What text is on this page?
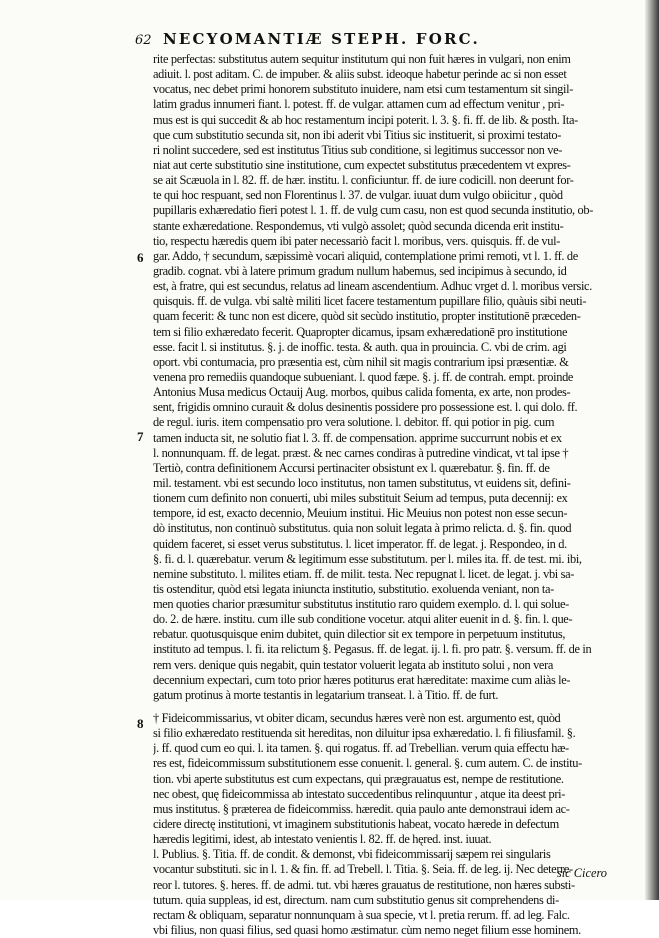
62 NECYOMANTIÆ STEPH. FORC.
6
7
8
rite perfectas: substitutus autem sequitur institutum qui non fuit hæres in vulgari, non enim
adiuit. l. post aditam. C. de impuber. & aliis subst. ideoque habetur perinde ac si non esset
vocatus, nec debet primi honorem substituto inuidere, nam etsi cum testamentum sit singil-
latim gradus innumeri fiant. l. potest. ff. de vulgar. attamen cum ad effectum venitur , pri-
mus est is qui succedit & ab hoc restamentum incipi poterit. l. 3. §. fi. ff. de lib. & posth. Ita-
que cum substitutio secunda sit, non ibi aderit vbi Titius sic instituerit, si proximi testato-
ri nolint succedere, sed est institutus Titius sub conditione, si legitimus successor non ve-
niat aut certe substitutio sine institutione, cum expectet substitutus præcedentem vt expres-
se ait Scæuola in l. 82. ff. de hær. institu. l. conficiuntur. ff. de iure codicill. non deerunt for-
te qui hoc respuant, sed non Florentinus l. 37. de vulgar. iuuat dum vulgo obiicitur , quòd
pupillaris exhæredatio fieri potest l. 1. ff. de vulg cum casu, non est quod secunda institutio, ob-
stante exhæredatione. Respondemus, vti vulgò assolet; quòd secunda dicenda erit institu-
tio, respectu hæredis quem ibi pater necessariò facit l. moribus, vers. quisquis. ff. de vul-
gar. Addo, † secundum, sæpissimè vocari aliquid, contemplatione primi remoti, vt l. 1. ff. de
gradib. cognat. vbi à latere primum gradum nullum habemus, sed incipimus à secundo, id
est, à fratre, qui est secundus, relatus ad lineam ascendentium. Adhuc vrget d. l. moribus versic.
quisquis. ff. de vulga. vbi saltè militi licet facere testamentum pupillare filio, quàuis sibi neuti-
quam fecerit: & tunc non est dicere, quòd sit secùdo institutio, propter institutionē præceden-
tem si filio exhæredato fecerit. Quapropter dicamus, ipsam exhæredationē pro institutione
esse. facit l. si institutus. §. j. de inoffic. testa. & auth. qua in prouincia. C. vbi de crim. agi
oport. vbi contumacia, pro præsentia est, cùm nihil sit magis contrarium ipsi præsentiæ. &
venena pro remediis quandoque subueniant. l. quod fæpe. §. j. ff. de contrah. empt. proinde
Antonius Musa medicus Octauij Aug. morbos, quibus calida fomenta, ex arte, non prodes-
sent, frigidis omnino curauit & dolus desinentis possidere pro possessione est. l. qui dolo. ff.
de regul. iuris. item compensatio pro vera solutione. l. debitor. ff. qui potior in pig. cum
tamen inducta sit, ne solutio fiat l. 3. ff. de compensation. apprime succurrunt nobis et ex
l. nonnunquam. ff. de legat. præst. & nec carnes condiras à putredine vindicat, vt tal ipse †
Tertiò, contra definitionem Accursi pertinaciter obsistunt ex l. quærebatur. §. fin. ff. de
mil. testament. vbi est secundo loco institutus, non tamen substitutus, vt euidens sit, defini-
tionem cum definito non conuerti, ubi miles substituit Seium ad tempus, puta decennij: ex
tempore, id est, exacto decennio, Meuium institui. Hic Meuius non potest non esse secun-
dò institutus, non continuò substitutus. quia non soluit legata à primo relicta. d. §. fin. quod
quidem faceret, si esset verus substitutus. l. licet imperator. ff. de legat. j. Respondeo, in d.
§. fi. d. l. quærebatur. verum & legitimum esse substitutum. per l. miles ita. ff. de test. mi. ibi,
nemine substituto. l. milites etiam. ff. de milit. testa. Nec repugnat l. licet. de legat. j. vbi sa-
tis ostenditur, quòd etsi legata iniuncta institutio, substitutio. exoluenda veniant, non ta-
men quoties charior præsumitur substitutus institutio raro quidem exemplo. d. l. qui solue-
do. 2. de hære. institu. cum ille sub conditione vocetur. atqui aliter euenit in d. §. fin. l. que-
rebatur. quotusquisque enim dubitet, quin dilectior sit ex tempore in perpetuum institutus,
instituto ad tempus. l. fi. ita relictum §. Pegasus. ff. de legat. ij. l. fi. pro patr. §. versum. ff. de in
rem vers. denique quis negabit, quin testator voluerit legata ab instituto solui , non vera
decennium expectari, cum toto prior hæres potiturus erat hæreditate: maxime cum aliàs le-
gatum protinus à morte testantis in legatarium transeat. l. à Titio. ff. de furt.
† Fideicommissarius, vt obiter dicam, secundus hæres verè non est. argumento est, quòd
si filio exhæredato restituenda sit hereditas, non diluitur ipsa exhæredatio. l. fi filiusfamil. §.
j. ff. quod cum eo qui. l. ita tamen. §. qui rogatus. ff. ad Trebellian. verum quia effectu hæ-
res est, fideicommissum substitutionem esse conuenit. l. general. §. cum autem. C. de institu-
tion. vbi aperte substitutus est cum expectans, qui prægrauatus est, nempe de restitutione.
nec obest, quę fideicommissa ab intestato succedentibus relinquuntur , atque ita deest pri-
mus institutus. § præterea de fideicommiss. hæredit. quia paulo ante demonstraui idem ac-
cidere directę institutioni, vt imaginem substitutionis habeat, vocato hærede in defectum
hæredis legitimi, idest, ab intestato venientis l. 82. ff. de hęred. inst. iuuat.
l. Publius. §. Titia. ff. de condit. & demonst, vbi fideicommissarij sæpem rei singularis
vocantur substituti. sic in l. 1. & fin. ff. ad Trebell. l. Titia. §. Seia. ff. de leg. ij. Nec deterre-
reor l. tutores. §. heres. ff. de admi. tut. vbi hæres grauatus de restitutione, non hæres substi-
tutum. quia suppleas, id est, directum. nam cum substitutio genus sit comprehendens di-
rectam & obliquam, separatur nonnunquam à sua specie, vt l. pretia rerum. ff. ad leg. Falc.
vbi filius, non quasi filius, sed quasi homo æstimatur. cùm nemo neget filium esse hominem.
sic Cicero
